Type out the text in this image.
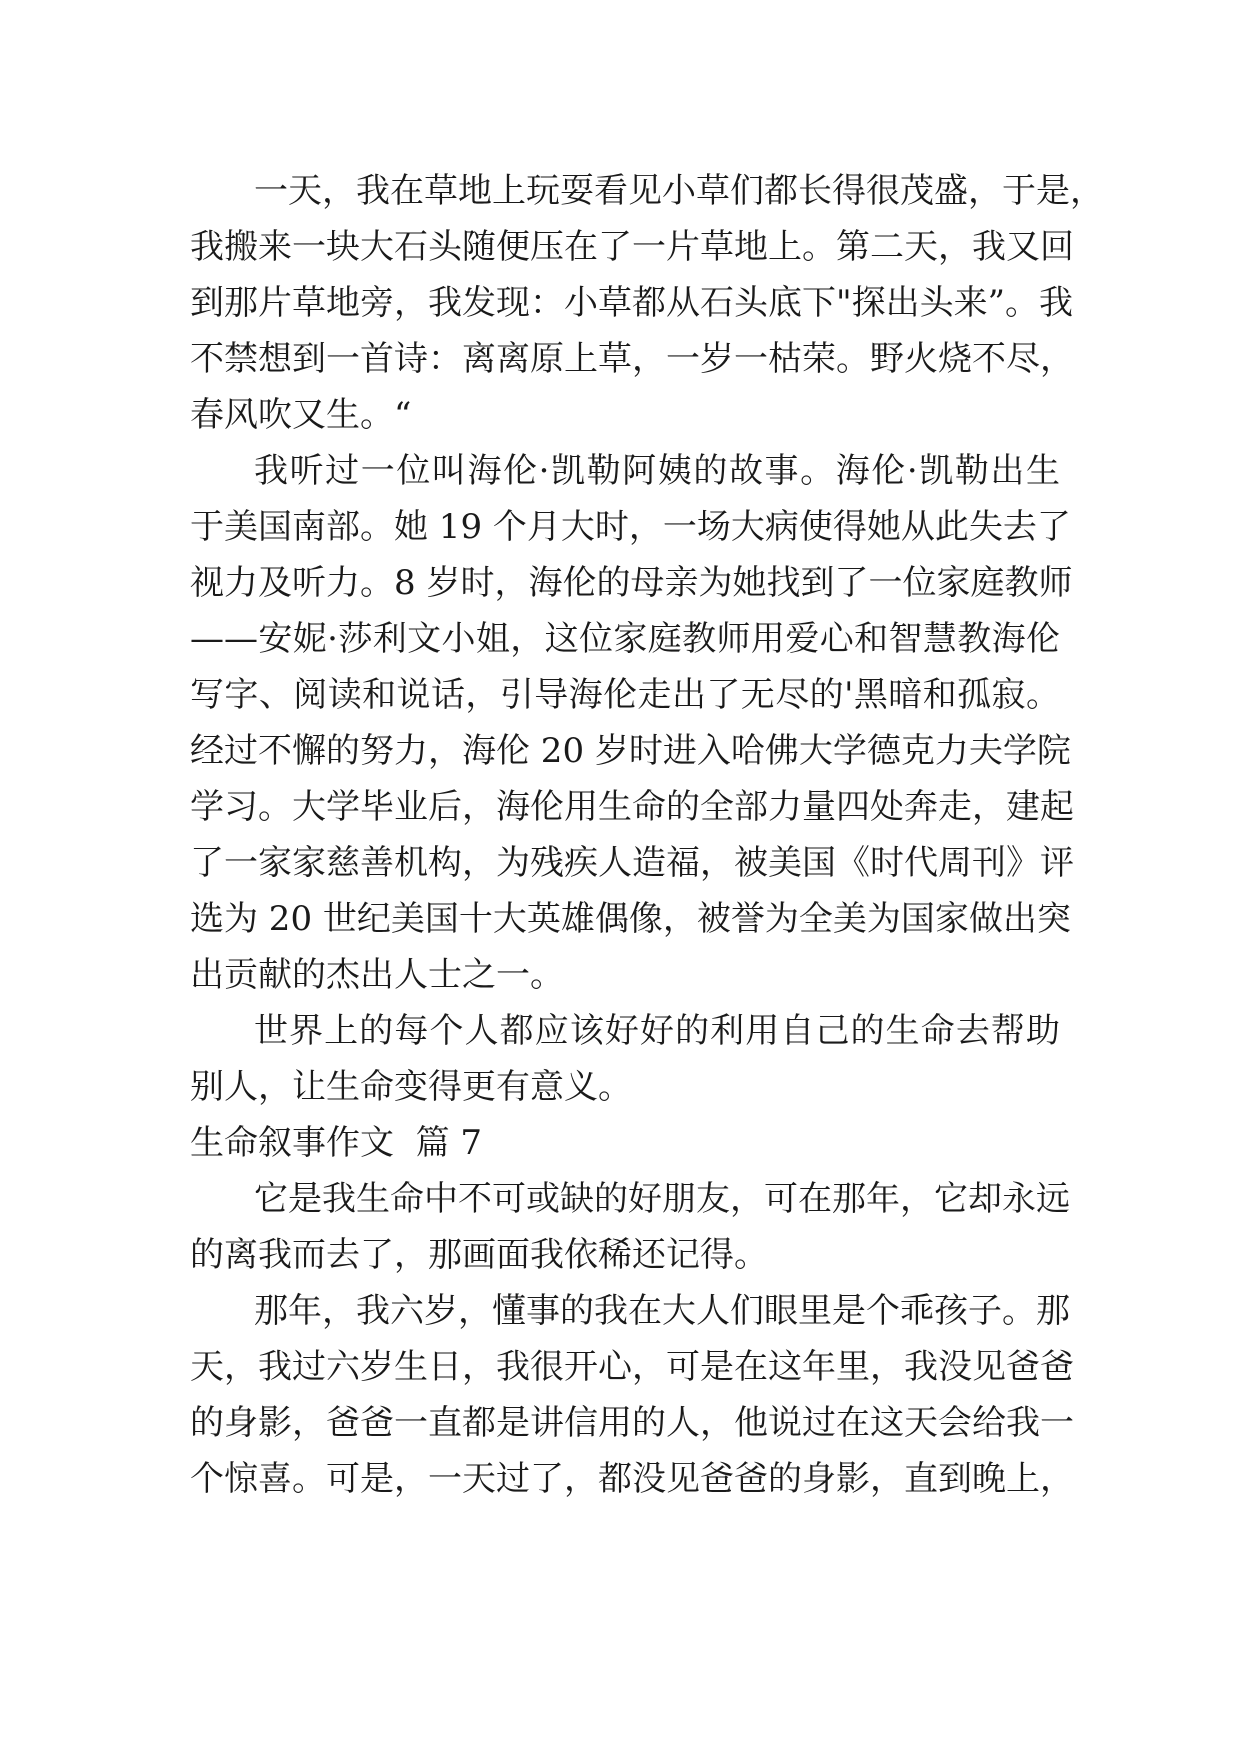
一天，我在草地上玩耍看见小草们都长得很茂盛，于是，
我搬来一块大石头随便压在了一片草地上。第二天，我又回
到那片草地旁，我发现：小草都从石头底下"探出头来”。我
不禁想到一首诗：离离原上草，一岁一枯荣。野火烧不尽，
春风吹又生。“
我听过一位叫海伦·凯勒阿姨的故事。海伦·凯勒出生
于美国南部。她 19 个月大时，一场大病使得她从此失去了
视力及听力。8 岁时，海伦的母亲为她找到了一位家庭教师
——安妮·莎利文小姐，这位家庭教师用爱心和智慧教海伦
写字、阅读和说话，引导海伦走出了无尽的'黑暗和孤寂。
经过不懈的努力，海伦 20 岁时进入哈佛大学德克力夫学院
学习。大学毕业后，海伦用生命的全部力量四处奔走，建起
了一家家慈善机构，为残疾人造福，被美国《时代周刊》评
选为 20 世纪美国十大英雄偶像，被誉为全美为国家做出突
出贡献的杰出人士之一。
世界上的每个人都应该好好的利用自己的生命去帮助
别人，让生命变得更有意义。
生命叙事作文  篇 7
它是我生命中不可或缺的好朋友，可在那年，它却永远
的离我而去了，那画面我依稀还记得。
那年，我六岁，懂事的我在大人们眼里是个乖孩子。那
天，我过六岁生日，我很开心，可是在这年里，我没见爸爸
的身影，爸爸一直都是讲信用的人，他说过在这天会给我一
个惊喜。可是，一天过了，都没见爸爸的身影，直到晚上，
